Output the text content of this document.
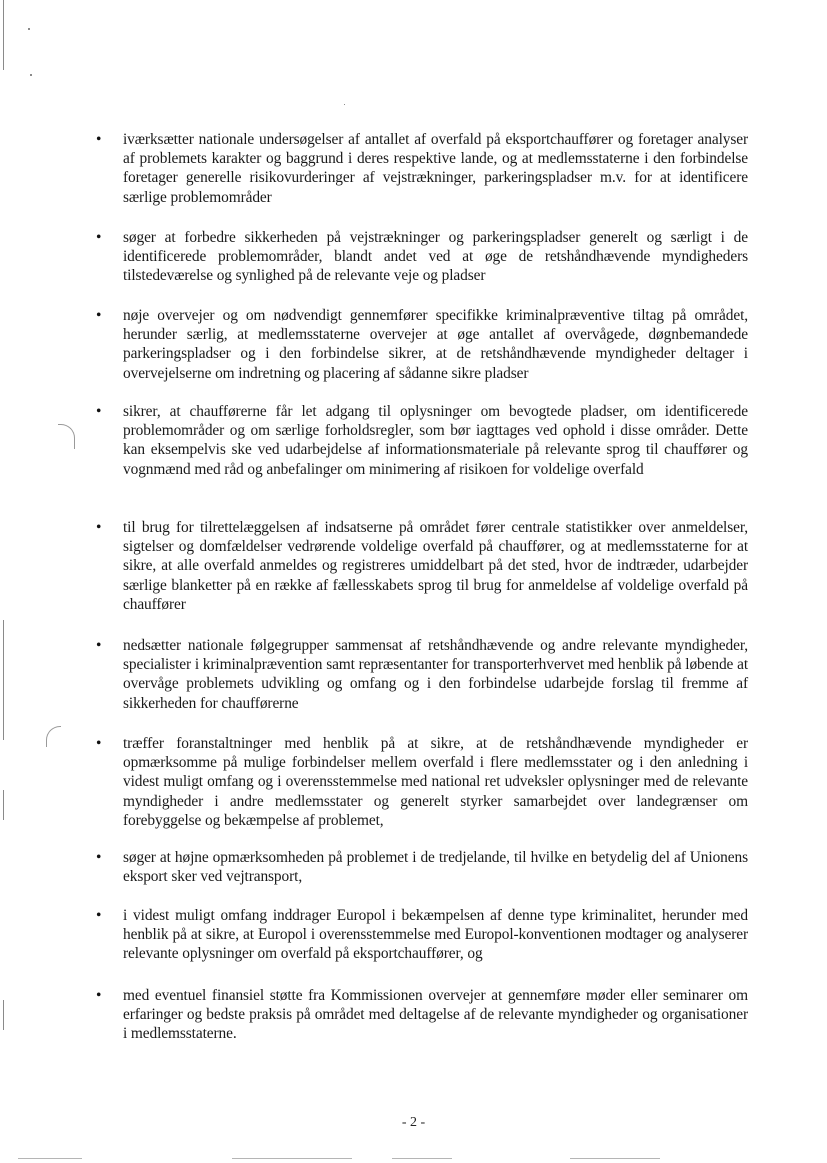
•	iværksætter nationale undersøgelser af antallet af overfald på eksportchauffører og foretager analyser af problemets karakter og baggrund i deres respektive lande, og at medlemsstaterne i den forbindelse foretager generelle risikovurderinger af vejstrækninger, parkeringspladser m.v. for at identificere særlige problemområder
•	søger at forbedre sikkerheden på vejstrækninger og parkeringspladser generelt og særligt i de identificerede problemområder, blandt andet ved at øge de retshåndhævende myndigheders tilstedeværelse og synlighed på de relevante veje og pladser
•	nøje overvejer og om nødvendigt gennemfører specifikke kriminalpræventive tiltag på området, herunder særlig, at medlemsstaterne overvejer at øge antallet af overvågede, døgnbemandede parkeringspladser og i den forbindelse sikrer, at de retshåndhævende myndigheder deltager i overvejelserne om indretning og placering af sådanne sikre pladser
•	sikrer, at chaufførerne får let adgang til oplysninger om bevogtede pladser, om identificerede problemområder og om særlige forholdsregler, som bør iagttages ved ophold i disse områder. Dette kan eksempelvis ske ved udarbejdelse af informationsmateriale på relevante sprog til chauffører og vognmænd med råd og anbefalinger om minimering af risikoen for voldelige overfald
•	til brug for tilrettelæggelsen af indsatserne på området fører centrale statistikker over anmeldelser, sigtelser og domfældelser vedrørende voldelige overfald på chauffører, og at medlemsstaterne for at sikre, at alle overfald anmeldes og registreres umiddelbart på det sted, hvor de indtræder, udarbejder særlige blanketter på en række af fællesskabets sprog til brug for anmeldelse af voldelige overfald på chauffører
•	nedsætter nationale følgegrupper sammensat af retshåndhævende og andre relevante myndigheder, specialister i kriminalprævention samt repræsentanter for transporterhvervet med henblik på løbende at overvåge problemets udvikling og omfang og i den forbindelse udarbejde forslag til fremme af sikkerheden for chaufførerne
•	træffer foranstaltninger med henblik på at sikre, at de retshåndhævende myndigheder er opmærksomme på mulige forbindelser mellem overfald i flere medlemsstater og i den anledning i videst muligt omfang og i overensstemmelse med national ret udveksler oplysninger med de relevante myndigheder i andre medlemsstater og generelt styrker samarbejdet over landegrænser om forebyggelse og bekæmpelse af problemet,
•	søger at højne opmærksomheden på problemet i de tredjelande, til hvilke en betydelig del af Unionens eksport sker ved vejtransport,
•	i videst muligt omfang inddrager Europol i bekæmpelsen af denne type kriminalitet, herunder med henblik på at sikre, at Europol i overensstemmelse med Europol-konventionen modtager og analyserer relevante oplysninger om overfald på eksportchauffører, og
•	med eventuel finansiel støtte fra Kommissionen overvejer at gennemføre møder eller seminarer om erfaringer og bedste praksis på området med deltagelse af de relevante myndigheder og organisationer i medlemsstaterne.
- 2 -
